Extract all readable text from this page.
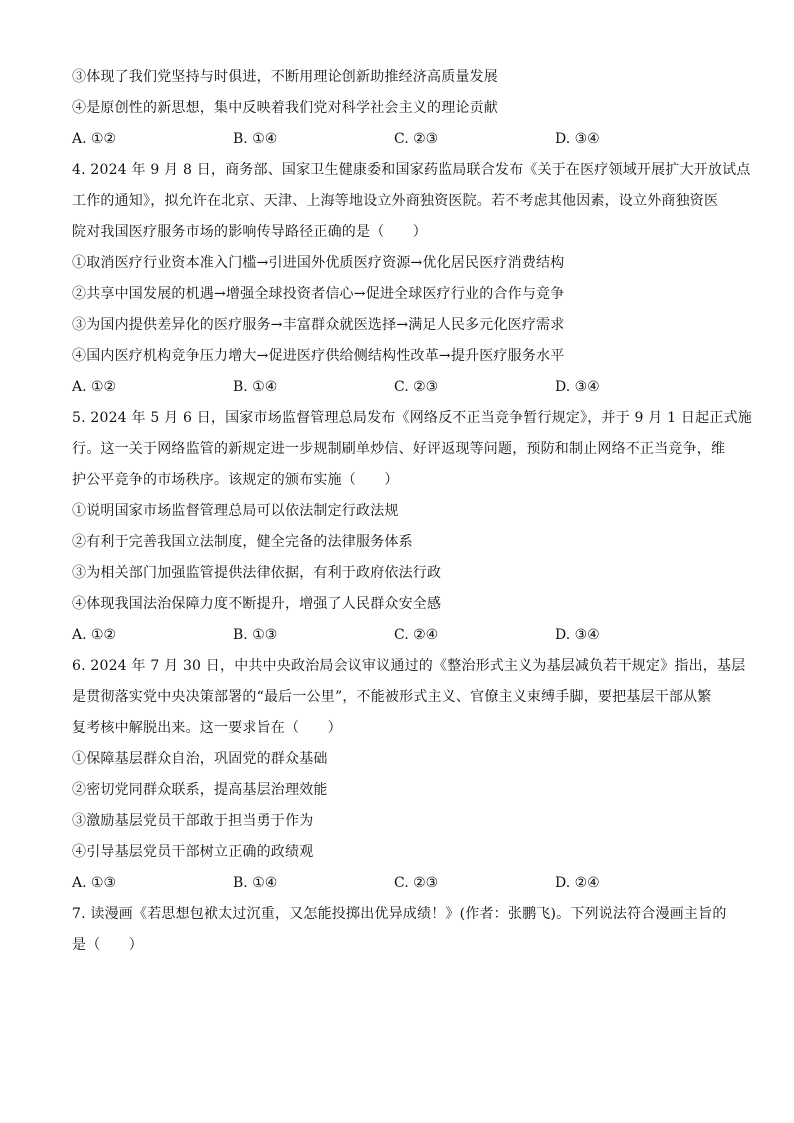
③体现了我们党坚持与时俱进，不断用理论创新助推经济高质量发展
④是原创性的新思想，集中反映着我们党对科学社会主义的理论贡献
A. ①②	B. ①④	C. ②③	D. ③④
4. 2024 年 9 月 8 日，商务部、国家卫生健康委和国家药监局联合发布《关于在医疗领域开展扩大开放试点
工作的通知》，拟允许在北京、天津、上海等地设立外商独资医院。若不考虑其他因素，设立外商独资医
院对我国医疗服务市场的影响传导路径正确的是（　　）
①取消医疗行业资本准入门槛→引进国外优质医疗资源→优化居民医疗消费结构
②共享中国发展的机遇→增强全球投资者信心→促进全球医疗行业的合作与竞争
③为国内提供差异化的医疗服务→丰富群众就医选择→满足人民多元化医疗需求
④国内医疗机构竞争压力增大→促进医疗供给侧结构性改革→提升医疗服务水平
A. ①②	B. ①④	C. ②③	D. ③④
5. 2024 年 5 月 6 日，国家市场监督管理总局发布《网络反不正当竞争暂行规定》，并于 9 月 1 日起正式施
行。这一关于网络监管的新规定进一步规制刷单炒信、好评返现等问题，预防和制止网络不正当竞争，维
护公平竞争的市场秩序。该规定的颁布实施（　　）
①说明国家市场监督管理总局可以依法制定行政法规
②有利于完善我国立法制度，健全完备的法律服务体系
③为相关部门加强监管提供法律依据，有利于政府依法行政
④体现我国法治保障力度不断提升，增强了人民群众安全感
A. ①②	B. ①③	C. ②④	D. ③④
6. 2024 年 7 月 30 日，中共中央政治局会议审议通过的《整治形式主义为基层减负若干规定》指出，基层
是贯彻落实党中央决策部署的“最后一公里”，不能被形式主义、官僚主义束缚手脚，要把基层干部从繁
复考核中解脱出来。这一要求旨在（　　）
①保障基层群众自治，巩固党的群众基础
②密切党同群众联系，提高基层治理效能
③激励基层党员干部敢于担当勇于作为
④引导基层党员干部树立正确的政绩观
A. ①③	B. ①④	C. ②③	D. ②④
7. 读漫画《若思想包袱太过沉重，又怎能投掷出优异成绩！》(作者：张鹏飞)。下列说法符合漫画主旨的
是（　　）
